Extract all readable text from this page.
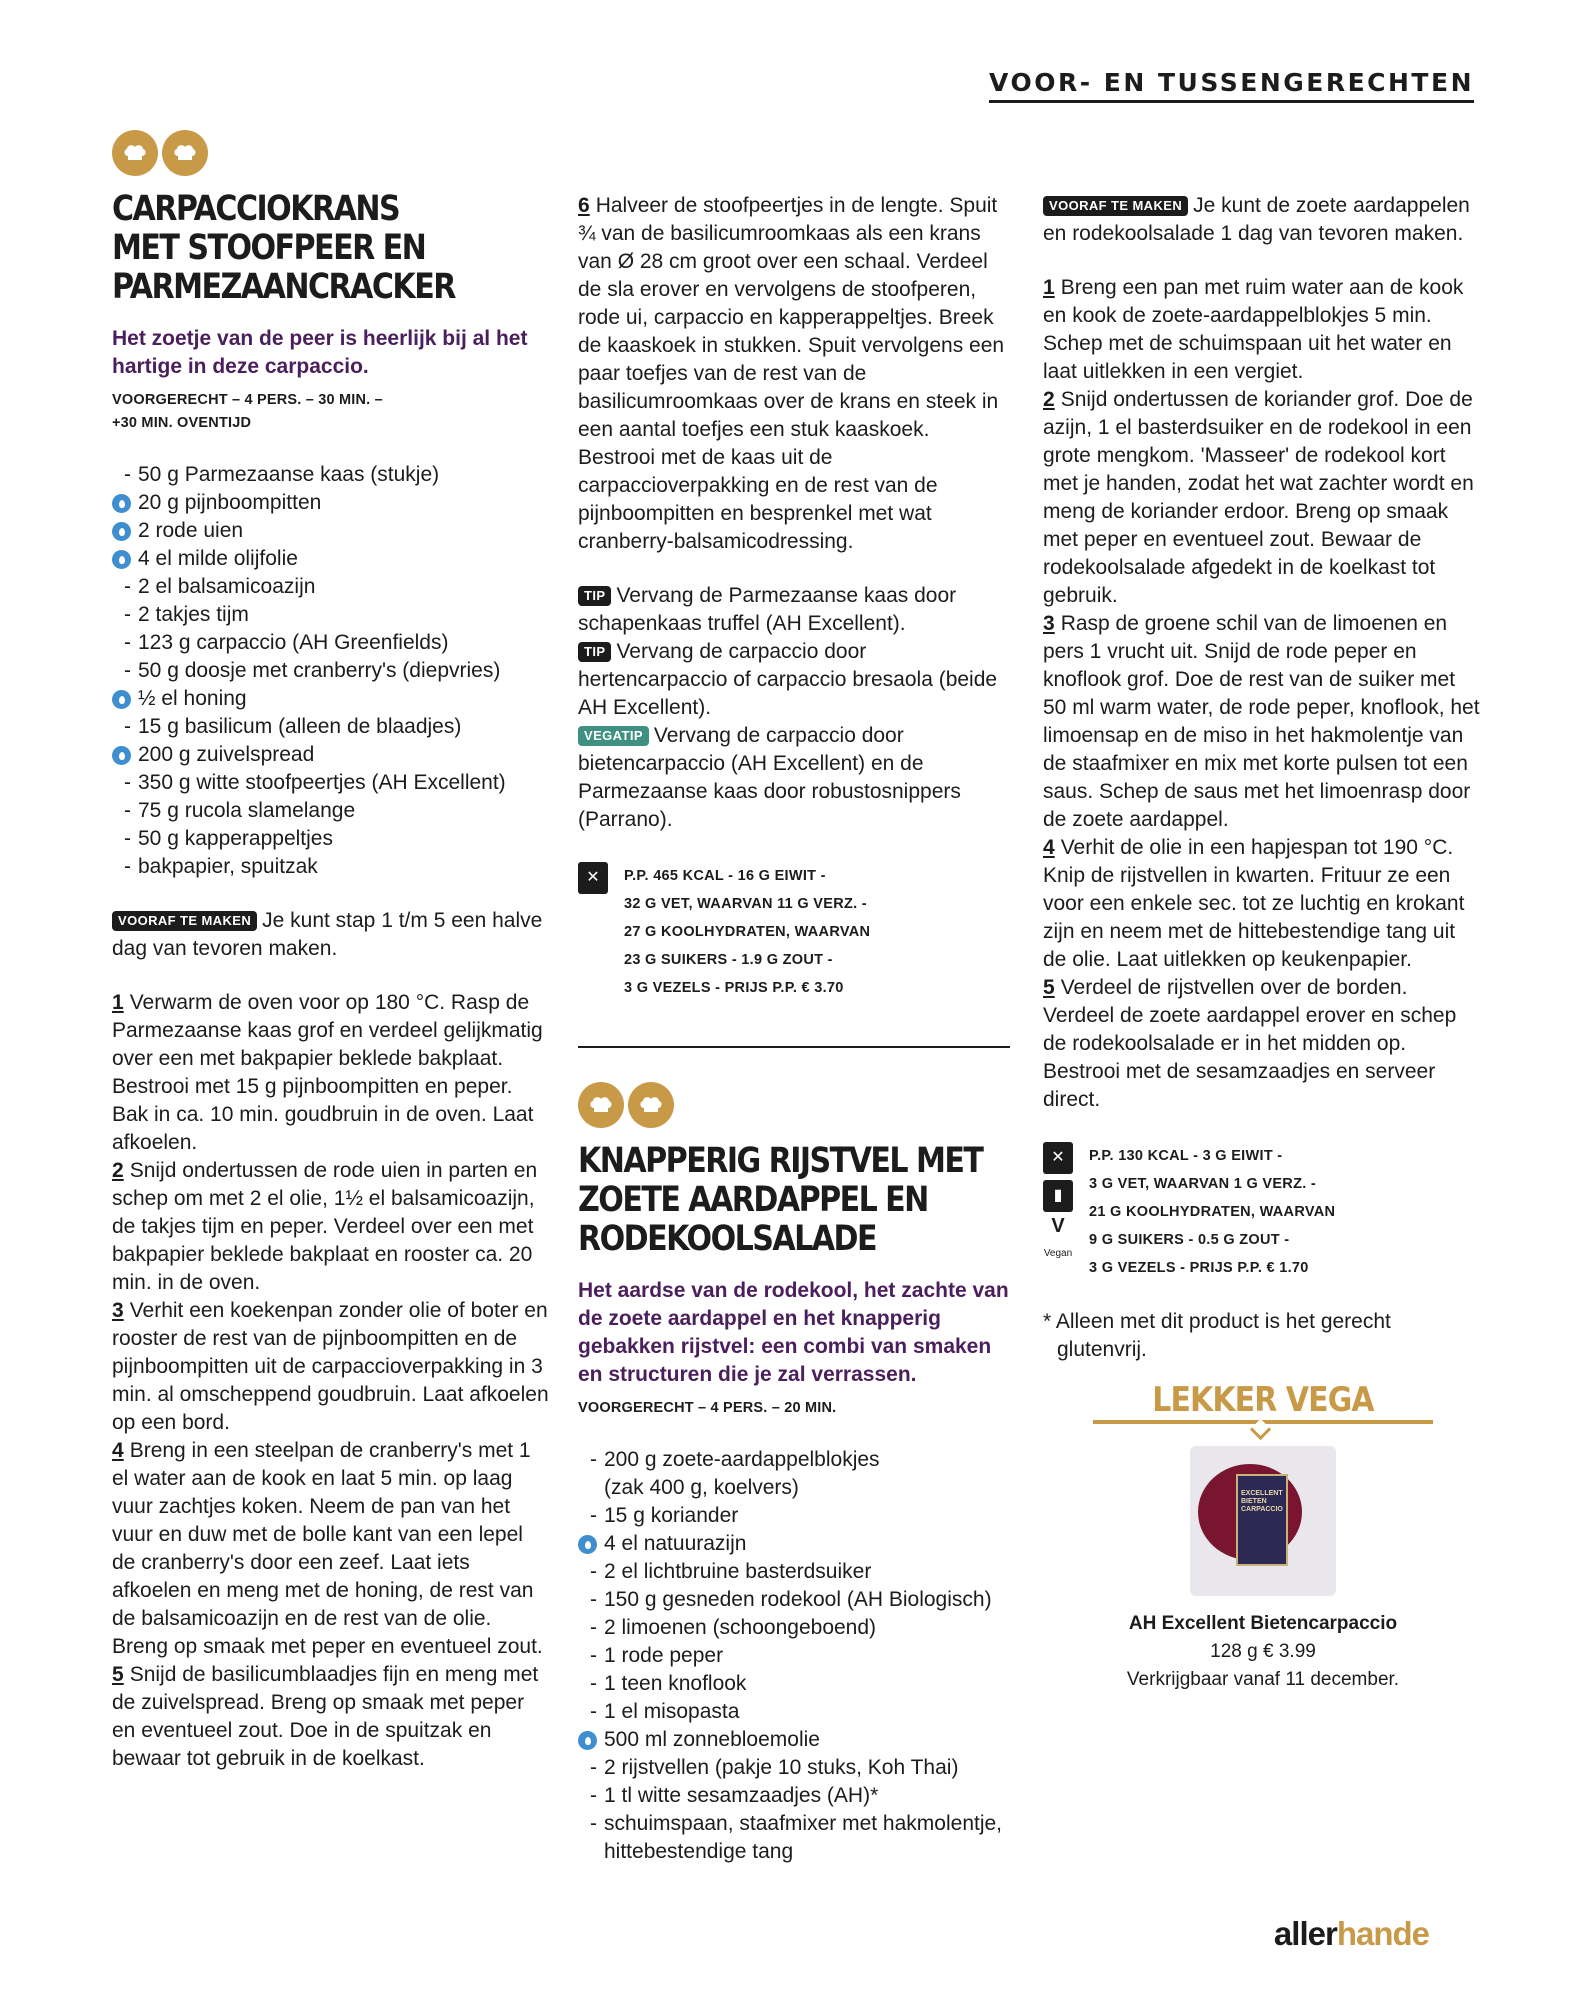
VOOR- EN TUSSENGERECHTEN
CARPACCIOKRANS
MET STOOFPEER EN
PARMEZAANCRACKER

Het zoetje van de peer is heerlijk bij al het hartige in deze carpaccio.

VOORGERECHT – 4 PERS. – 30 MIN. –
+30 MIN. OVENTIJD
- 50 g Parmezaanse kaas (stukje)
20 g pijnboompitten
2 rode uien
4 el milde olijfolie
- 2 el balsamicoazijn
- 2 takjes tijm
- 123 g carpaccio (AH Greenfields)
- 50 g doosje met cranberry's (diepvries)
½ el honing
- 15 g basilicum (alleen de blaadjes)
200 g zuivelspread
- 350 g witte stoofpeertjes (AH Excellent)
- 75 g rucola slamelange
- 50 g kapperappeltjes
- bakpapier, spuitzak

VOORAF TE MAKEN Je kunt stap 1 t/m 5 een halve dag van tevoren maken.

1 Verwarm de oven voor op 180 °C. Rasp de Parmezaanse kaas grof en verdeel gelijkmatig over een met bakpapier beklede bakplaat. Bestrooi met 15 g pijnboompitten en peper. Bak in ca. 10 min. goudbruin in de oven. Laat afkoelen.

2 Snijd ondertussen de rode uien in parten en schep om met 2 el olie, 1½ el balsamicoazijn, de takjes tijm en peper. Verdeel over een met bakpapier beklede bakplaat en rooster ca. 20 min. in de oven.

3 Verhit een koekenpan zonder olie of boter en rooster de rest van de pijnboompitten en de pijnboompitten uit de carpaccioverpakking in 3 min. al omscheppend goudbruin. Laat afkoelen op een bord.

4 Breng in een steelpan de cranberry's met 1 el water aan de kook en laat 5 min. op laag vuur zachtjes koken. Neem de pan van het vuur en duw met de bolle kant van een lepel de cranberry's door een zeef. Laat iets afkoelen en meng met de honing, de rest van de balsamicoazijn en de rest van de olie. Breng op smaak met peper en eventueel zout.

5 Snijd de basilicumblaadjes fijn en meng met de zuivelspread. Breng op smaak met peper en eventueel zout. Doe in de spuitzak en bewaar tot gebruik in de koelkast.

6 Halveer de stoofpeertjes in de lengte. Spuit ¾ van de basilicumroomkaas als een krans van Ø 28 cm groot over een schaal. Verdeel de sla erover en vervolgens de stoofperen, rode ui, carpaccio en kapperappeltjes. Breek de kaaskoek in stukken. Spuit vervolgens een paar toefjes van de rest van de basilicumroomkaas over de krans en steek in een aantal toefjes een stuk kaaskoek. Bestrooi met de kaas uit de carpaccioverpakking en de rest van de pijnboompitten en besprenkel met wat cranberry-balsamicodressing.

TIP Vervang de Parmezaanse kaas door schapenkaas truffel (AH Excellent).

TIP Vervang de carpaccio door hertencarpaccio of carpaccio bresaola (beide AH Excellent).

VEGATIP Vervang de carpaccio door bietencarpaccio (AH Excellent) en de Parmezaanse kaas door robustosnippers (Parrano).

✕	P.P. 465 KCAL - 16 G EIWIT -
32 G VET, WAARVAN 11 G VERZ. -
27 G KOOLHYDRATEN, WAARVAN
23 G SUIKERS - 1.9 G ZOUT -
3 G VEZELS - PRIJS P.P. € 3.70
KNAPPERIG RIJSTVEL MET
ZOETE AARDAPPEL EN
RODEKOOLSALADE

Het aardse van de rodekool, het zachte van de zoete aardappel en het knapperig gebakken rijstvel: een combi van smaken en structuren die je zal verrassen.

VOORGERECHT – 4 PERS. – 20 MIN.
- 200 g zoete-aardappelblokjes
(zak 400 g, koelvers)
- 15 g koriander
4 el natuurazijn
- 2 el lichtbruine basterdsuiker
- 150 g gesneden rodekool (AH Biologisch)
- 2 limoenen (schoongeboend)
- 1 rode peper
- 1 teen knoflook
- 1 el misopasta
500 ml zonnebloemolie
- 2 rijstvellen (pakje 10 stuks, Koh Thai)
- 1 tl witte sesamzaadjes (AH)*
- schuimspaan, staafmixer met hakmolentje, hittebestendige tang

VOORAF TE MAKEN Je kunt de zoete aardappelen en rodekoolsalade 1 dag van tevoren maken.

1 Breng een pan met ruim water aan de kook en kook de zoete-aardappelblokjes 5 min. Schep met de schuimspaan uit het water en laat uitlekken in een vergiet.

2 Snijd ondertussen de koriander grof. Doe de azijn, 1 el basterdsuiker en de rodekool in een grote mengkom. 'Masseer' de rodekool kort met je handen, zodat het wat zachter wordt en meng de koriander erdoor. Breng op smaak met peper en eventueel zout. Bewaar de rodekoolsalade afgedekt in de koelkast tot gebruik.

3 Rasp de groene schil van de limoenen en pers 1 vrucht uit. Snijd de rode peper en knoflook grof. Doe de rest van de suiker met 50 ml warm water, de rode peper, knoflook, het limoensap en de miso in het hakmolentje van de staafmixer en mix met korte pulsen tot een saus. Schep de saus met het limoenrasp door de zoete aardappel.

4 Verhit de olie in een hapjespan tot 190 °C. Knip de rijstvellen in kwarten. Frituur ze een voor een enkele sec. tot ze luchtig en krokant zijn en neem met de hittebestendige tang uit de olie. Laat uitlekken op keukenpapier.

5 Verdeel de rijstvellen over de borden. Verdeel de zoete aardappel erover en schep de rodekoolsalade er in het midden op. Bestrooi met de sesamzaadjes en serveer direct.

✕
▮
V
Vegan
P.P. 130 KCAL - 3 G EIWIT -
3 G VET, WAARVAN 1 G VERZ. -
21 G KOOLHYDRATEN, WAARVAN
9 G SUIKERS - 0.5 G ZOUT -
3 G VEZELS - PRIJS P.P. € 1.70

* Alleen met dit product is het gerecht glutenvrij.

LEKKER VEGA
EXCELLENT BIETEN CARPACCIO
AH Excellent Bietencarpaccio
128 g € 3.99
Verkrijgbaar vanaf 11 december.
allerhande
